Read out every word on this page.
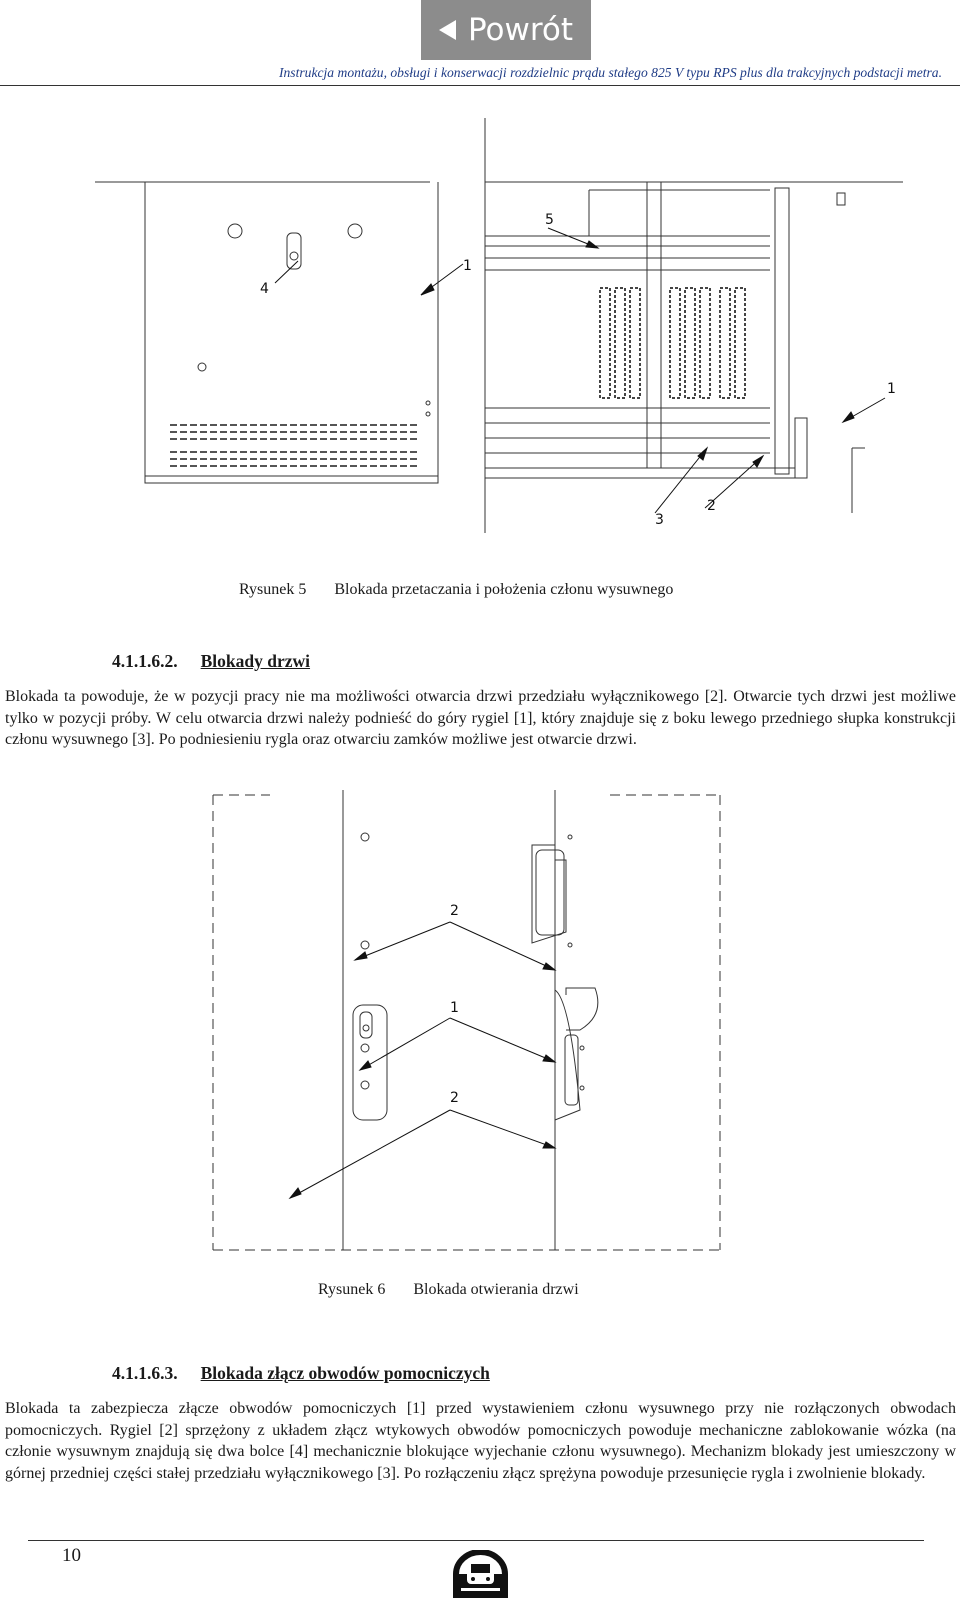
Powrót
Instrukcja montażu, obsługi i konserwacji rozdzielnic prądu stałego 825 V typu RPS plus dla trakcyjnych podstacji metra.
4
1
5
1
3
2
Rysunek 5 Blokada przetaczania i położenia członu wysuwnego
4.1.1.6.2. Blokady drzwi
Blokada ta powoduje, że w pozycji pracy nie ma możliwości otwarcia drzwi przedziału wyłącznikowego [2]. Otwarcie tych drzwi jest możliwe tylko w pozycji próby. W celu otwarcia drzwi należy podnieść do góry rygiel [1], który znajduje się z boku lewego przedniego słupka konstrukcji członu wysuwnego [3]. Po podniesieniu rygla oraz otwarciu zamków możliwe jest otwarcie drzwi.
2
1
2
Rysunek 6 Blokada otwierania drzwi
4.1.1.6.3. Blokada złącz obwodów pomocniczych
Blokada ta zabezpiecza złącze obwodów pomocniczych [1] przed wystawieniem członu wysuwnego przy nie rozłączonych obwodach pomocniczych. Rygiel [2] sprzężony z układem złącz wtykowych obwodów pomocniczych powoduje mechaniczne zablokowanie wózka (na członie wysuwnym znajdują się dwa bolce [4] mechanicznie blokujące wyjechanie członu wysuwnego). Mechanizm blokady jest umieszczony w górnej przedniej części stałej przedziału wyłącznikowego [3]. Po rozłączeniu złącz sprężyna powoduje przesunięcie rygla i zwolnienie blokady.
10
